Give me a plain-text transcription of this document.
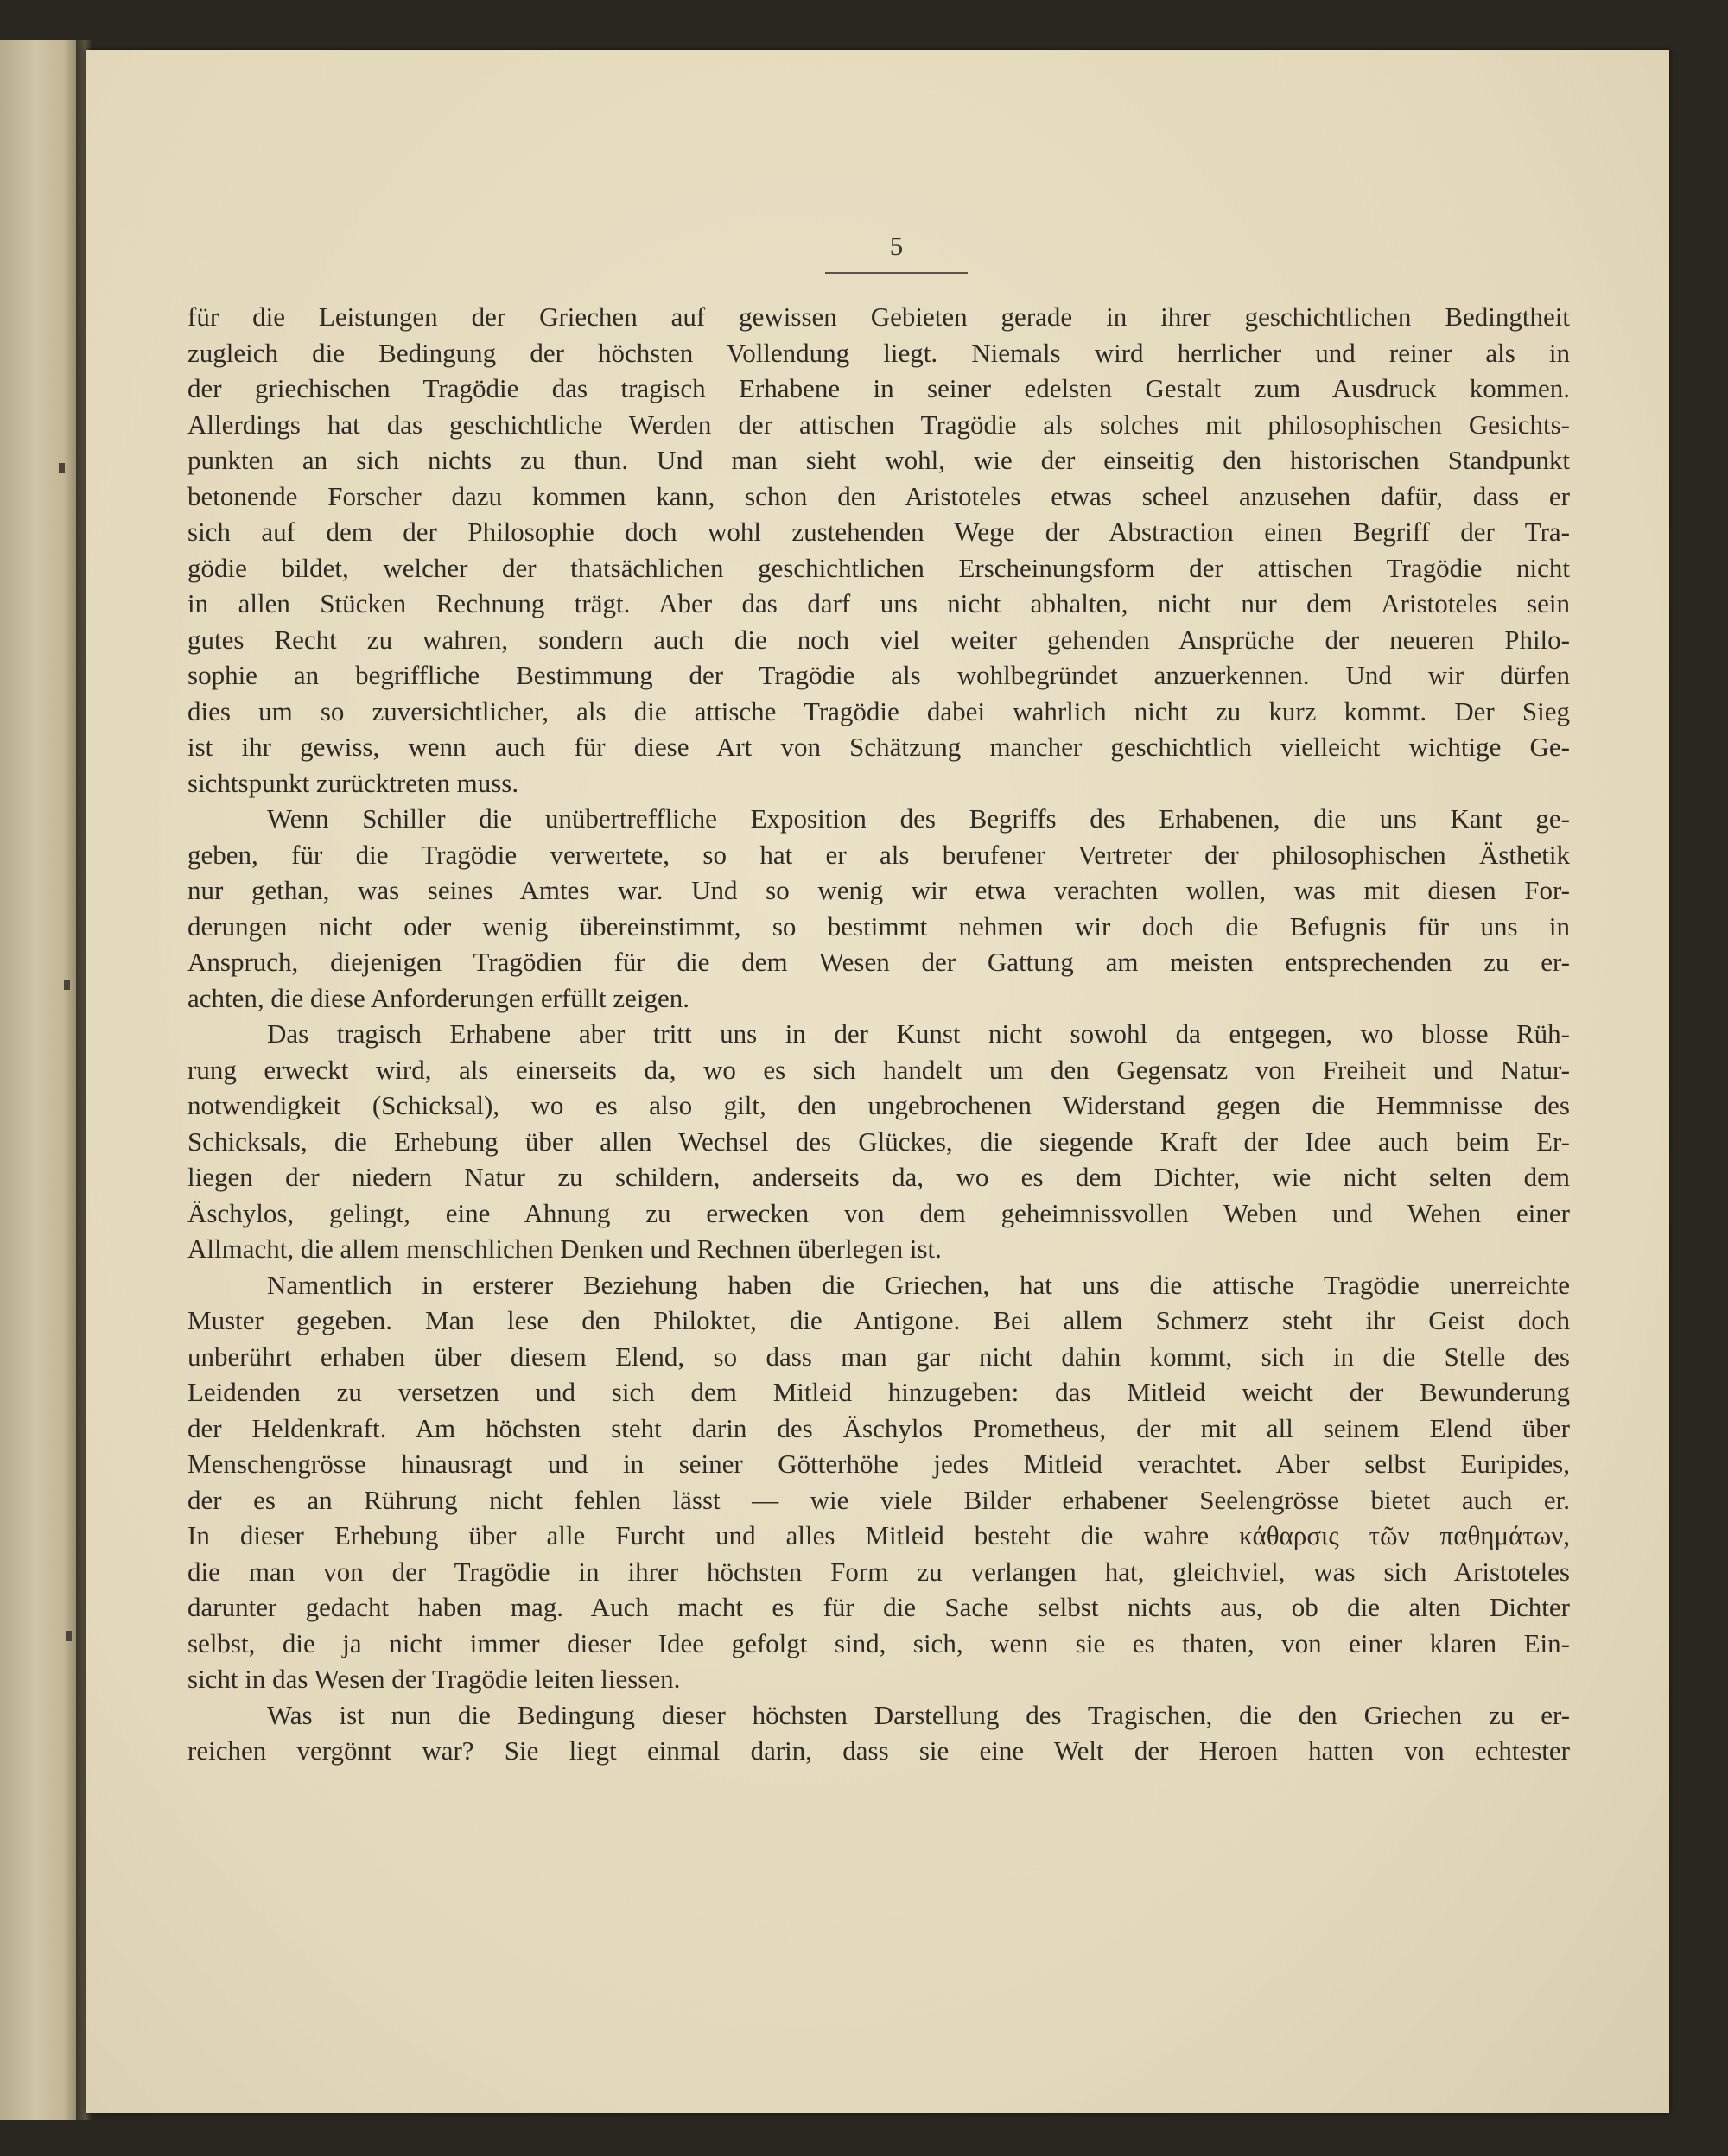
5
für die Leistungen der Griechen auf gewissen Gebieten gerade in ihrer geschichtlichen Bedingtheit
zugleich die Bedingung der höchsten Vollendung liegt. Niemals wird herrlicher und reiner als in
der griechischen Tragödie das tragisch Erhabene in seiner edelsten Gestalt zum Ausdruck kommen.
Allerdings hat das geschichtliche Werden der attischen Tragödie als solches mit philosophischen Gesichts-
punkten an sich nichts zu thun. Und man sieht wohl, wie der einseitig den historischen Standpunkt
betonende Forscher dazu kommen kann, schon den Aristoteles etwas scheel anzusehen dafür, dass er
sich auf dem der Philosophie doch wohl zustehenden Wege der Abstraction einen Begriff der Tra-
gödie bildet, welcher der thatsächlichen geschichtlichen Erscheinungsform der attischen Tragödie nicht
in allen Stücken Rechnung trägt. Aber das darf uns nicht abhalten, nicht nur dem Aristoteles sein
gutes Recht zu wahren, sondern auch die noch viel weiter gehenden Ansprüche der neueren Philo-
sophie an begriffliche Bestimmung der Tragödie als wohlbegründet anzuerkennen. Und wir dürfen
dies um so zuversichtlicher, als die attische Tragödie dabei wahrlich nicht zu kurz kommt. Der Sieg
ist ihr gewiss, wenn auch für diese Art von Schätzung mancher geschichtlich vielleicht wichtige Ge-
sichtspunkt zurücktreten muss.
Wenn Schiller die unübertreffliche Exposition des Begriffs des Erhabenen, die uns Kant ge-
geben, für die Tragödie verwertete, so hat er als berufener Vertreter der philosophischen Ästhetik
nur gethan, was seines Amtes war. Und so wenig wir etwa verachten wollen, was mit diesen For-
derungen nicht oder wenig übereinstimmt, so bestimmt nehmen wir doch die Befugnis für uns in
Anspruch, diejenigen Tragödien für die dem Wesen der Gattung am meisten entsprechenden zu er-
achten, die diese Anforderungen erfüllt zeigen.
Das tragisch Erhabene aber tritt uns in der Kunst nicht sowohl da entgegen, wo blosse Rüh-
rung erweckt wird, als einerseits da, wo es sich handelt um den Gegensatz von Freiheit und Natur-
notwendigkeit (Schicksal), wo es also gilt, den ungebrochenen Widerstand gegen die Hemmnisse des
Schicksals, die Erhebung über allen Wechsel des Glückes, die siegende Kraft der Idee auch beim Er-
liegen der niedern Natur zu schildern, anderseits da, wo es dem Dichter, wie nicht selten dem
Äschylos, gelingt, eine Ahnung zu erwecken von dem geheimnissvollen Weben und Wehen einer
Allmacht, die allem menschlichen Denken und Rechnen überlegen ist.
Namentlich in ersterer Beziehung haben die Griechen, hat uns die attische Tragödie unerreichte
Muster gegeben. Man lese den Philoktet, die Antigone. Bei allem Schmerz steht ihr Geist doch
unberührt erhaben über diesem Elend, so dass man gar nicht dahin kommt, sich in die Stelle des
Leidenden zu versetzen und sich dem Mitleid hinzugeben: das Mitleid weicht der Bewunderung
der Heldenkraft. Am höchsten steht darin des Äschylos Prometheus, der mit all seinem Elend über
Menschengrösse hinausragt und in seiner Götterhöhe jedes Mitleid verachtet. Aber selbst Euripides,
der es an Rührung nicht fehlen lässt — wie viele Bilder erhabener Seelengrösse bietet auch er.
In dieser Erhebung über alle Furcht und alles Mitleid besteht die wahre κάθαρσις τῶν παθημάτων,
die man von der Tragödie in ihrer höchsten Form zu verlangen hat, gleichviel, was sich Aristoteles
darunter gedacht haben mag. Auch macht es für die Sache selbst nichts aus, ob die alten Dichter
selbst, die ja nicht immer dieser Idee gefolgt sind, sich, wenn sie es thaten, von einer klaren Ein-
sicht in das Wesen der Tragödie leiten liessen.
Was ist nun die Bedingung dieser höchsten Darstellung des Tragischen, die den Griechen zu er-
reichen vergönnt war? Sie liegt einmal darin, dass sie eine Welt der Heroen hatten von echtester
